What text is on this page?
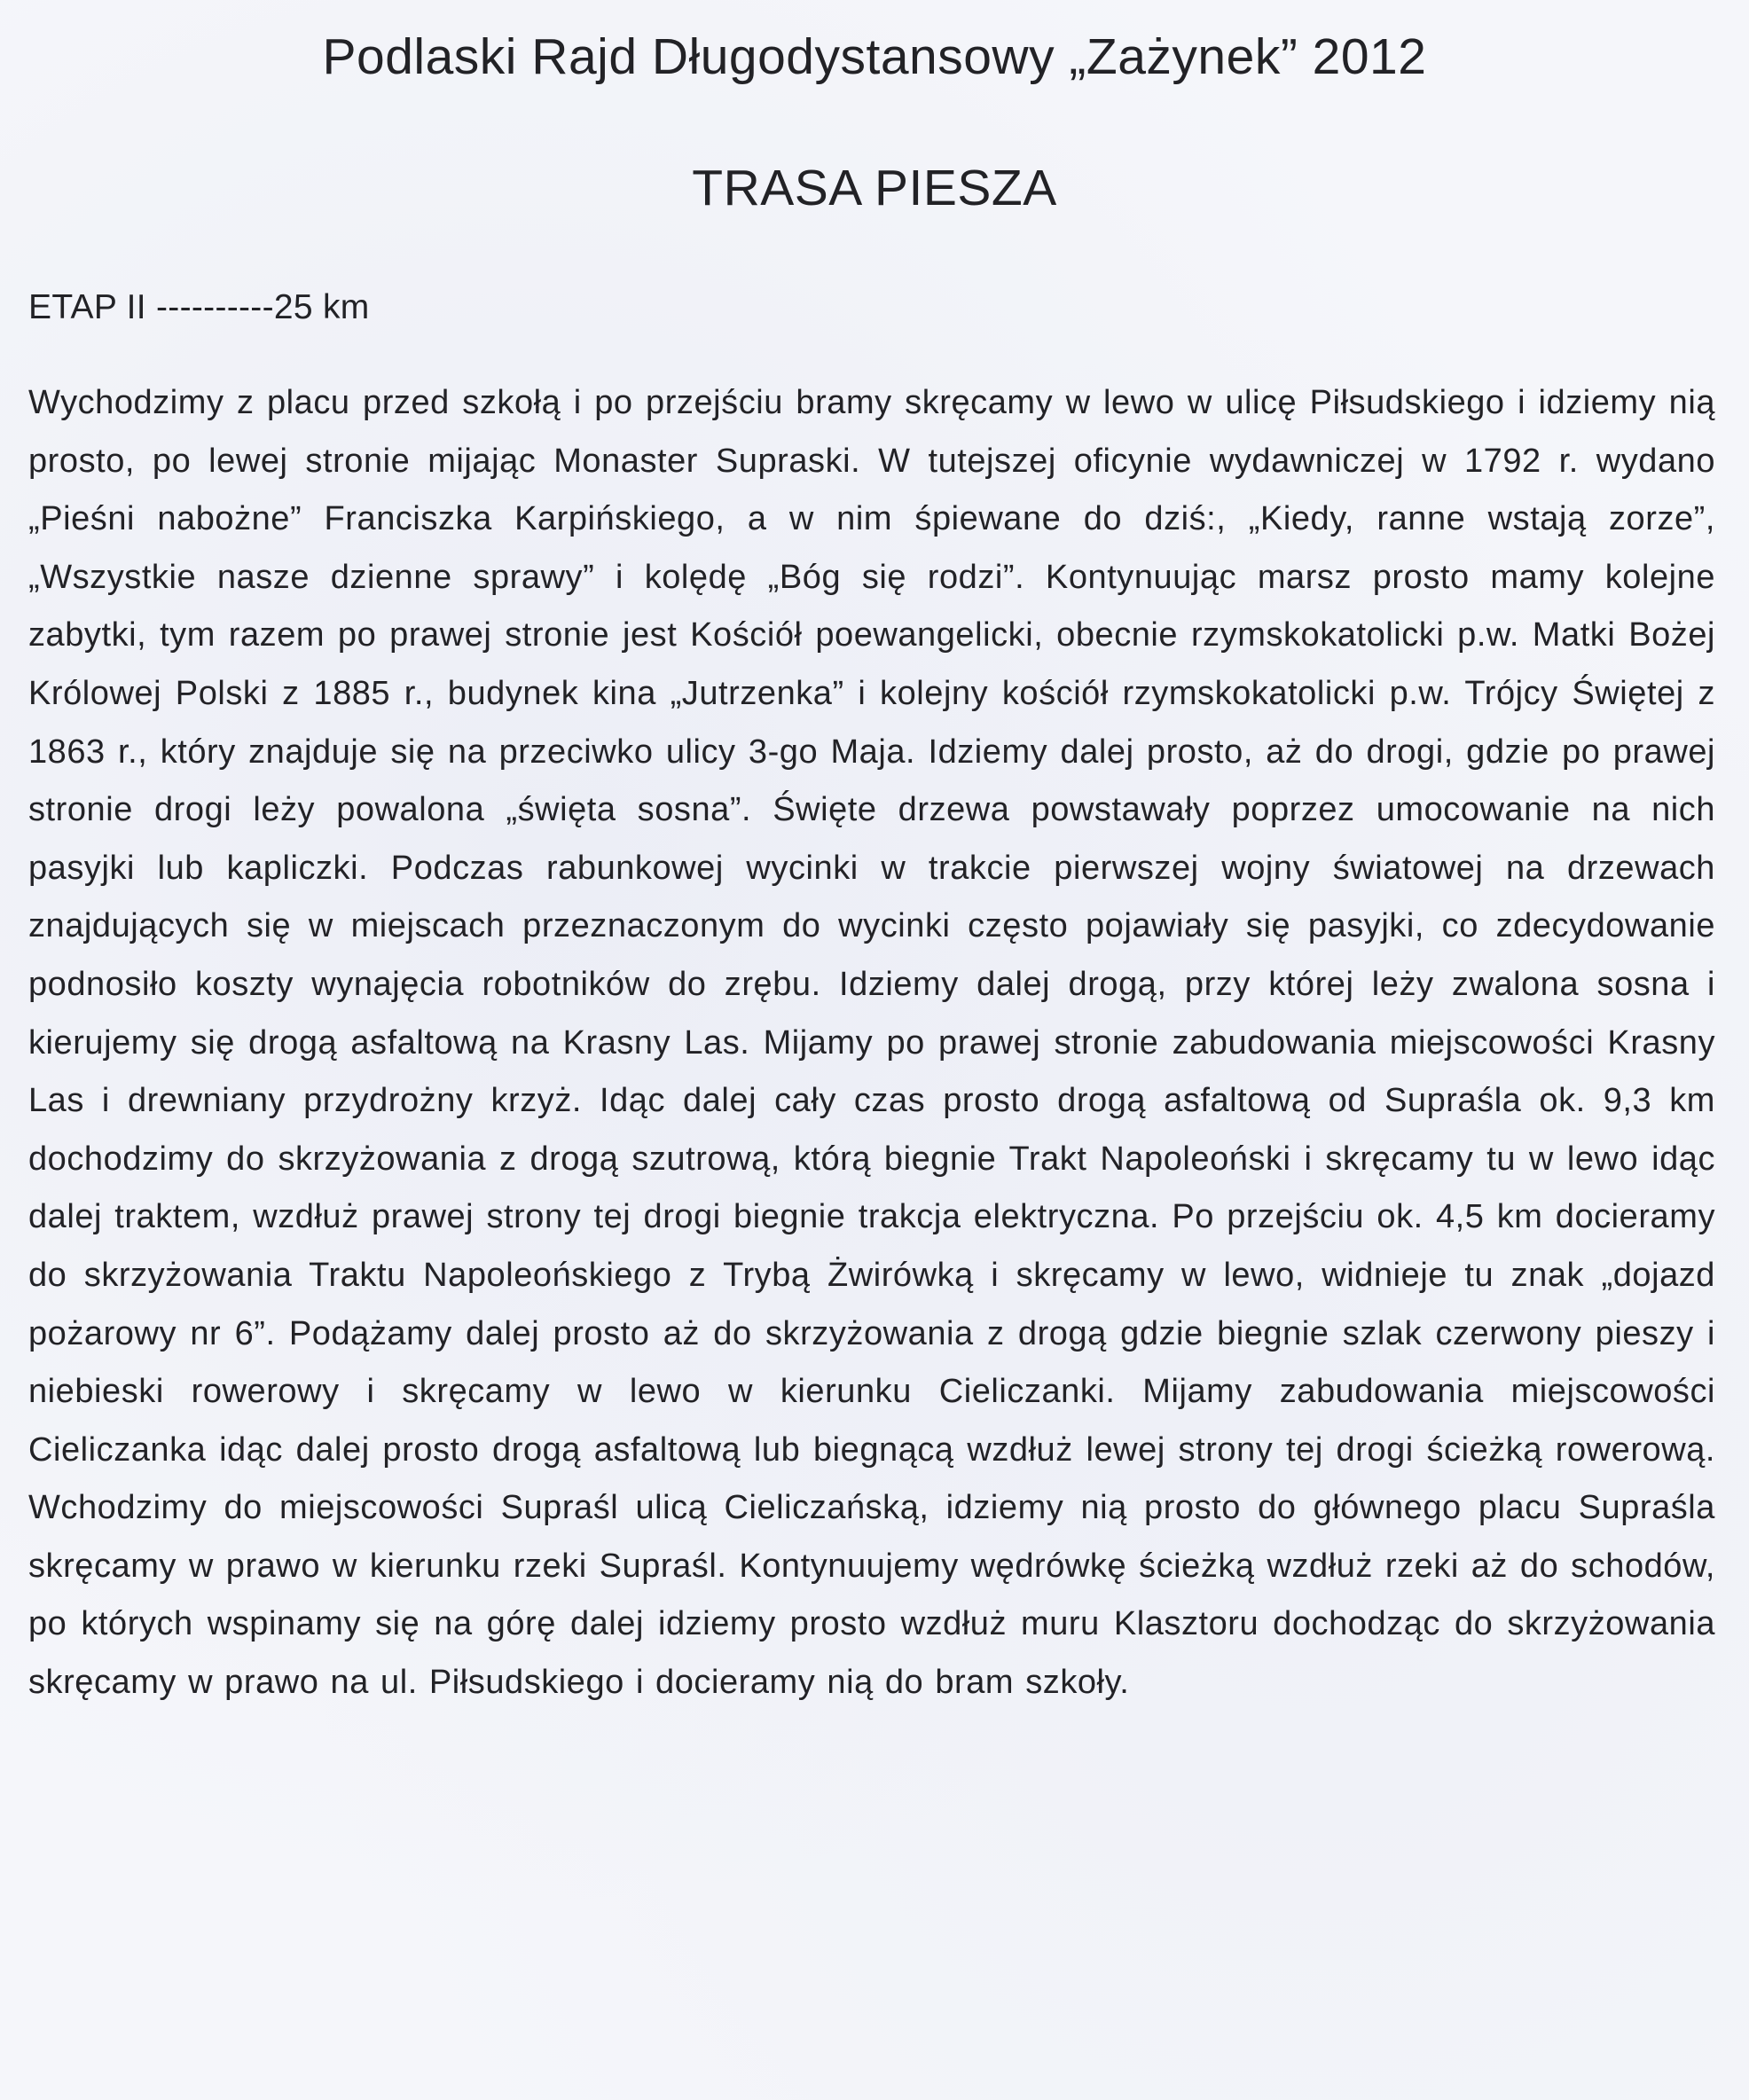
Podlaski Rajd Długodystansowy „Zażynek” 2012
TRASA PIESZA

ETAP II ----------25 km

Wychodzimy z placu przed szkołą i po przejściu bramy skręcamy w lewo w ulicę Piłsudskiego i idziemy nią prosto, po lewej stronie mijając Monaster Supraski. W tutejszej oficynie wydawniczej w 1792 r. wydano „Pieśni nabożne” Franciszka Karpińskiego, a w nim śpiewane do dziś:, „Kiedy, ranne wstają zorze”, „Wszystkie nasze dzienne sprawy” i kolędę „Bóg się rodzi”. Kontynuując marsz prosto mamy kolejne zabytki, tym razem po prawej stronie jest Kościół poewangelicki, obecnie rzymskokatolicki p.w. Matki Bożej Królowej Polski z 1885 r., budynek kina „Jutrzenka” i kolejny kościół rzymskokatolicki p.w. Trójcy Świętej z 1863 r., który znajduje się na przeciwko ulicy 3-go Maja. Idziemy dalej prosto, aż do drogi, gdzie po prawej stronie drogi leży powalona „święta sosna”. Święte drzewa powstawały poprzez umocowanie na nich pasyjki lub kapliczki. Podczas rabunkowej wycinki w trakcie pierwszej wojny światowej na drzewach znajdujących się w miejscach przeznaczonym do wycinki często pojawiały się pasyjki, co zdecydowanie podnosiło koszty wynajęcia robotników do zrębu. Idziemy dalej drogą, przy której leży zwalona sosna i kierujemy się drogą asfaltową na Krasny Las. Mijamy po prawej stronie zabudowania miejscowości Krasny Las i drewniany przydrożny krzyż. Idąc dalej cały czas prosto drogą asfaltową od Supraśla ok. 9,3 km dochodzimy do skrzyżowania z drogą szutrową, którą biegnie Trakt Napoleoński i skręcamy tu w lewo idąc dalej traktem, wzdłuż prawej strony tej drogi biegnie trakcja elektryczna. Po przejściu ok. 4,5 km docieramy do skrzyżowania Traktu Napoleońskiego z Trybą Żwirówką i skręcamy w lewo, widnieje tu znak „dojazd pożarowy nr 6”. Podążamy dalej prosto aż do skrzyżowania z drogą gdzie biegnie szlak czerwony pieszy i niebieski rowerowy i skręcamy w lewo w kierunku Cieliczanki. Mijamy zabudowania miejscowości Cieliczanka idąc dalej prosto drogą asfaltową lub biegnącą wzdłuż lewej strony tej drogi ścieżką rowerową. Wchodzimy do miejscowości Supraśl ulicą Cieliczańską, idziemy nią prosto do głównego placu Supraśla skręcamy w prawo w kierunku rzeki Supraśl. Kontynuujemy wędrówkę ścieżką wzdłuż rzeki aż do schodów, po których wspinamy się na górę dalej idziemy prosto wzdłuż muru Klasztoru dochodząc do skrzyżowania skręcamy w prawo na ul. Piłsudskiego i docieramy nią do bram szkoły.
